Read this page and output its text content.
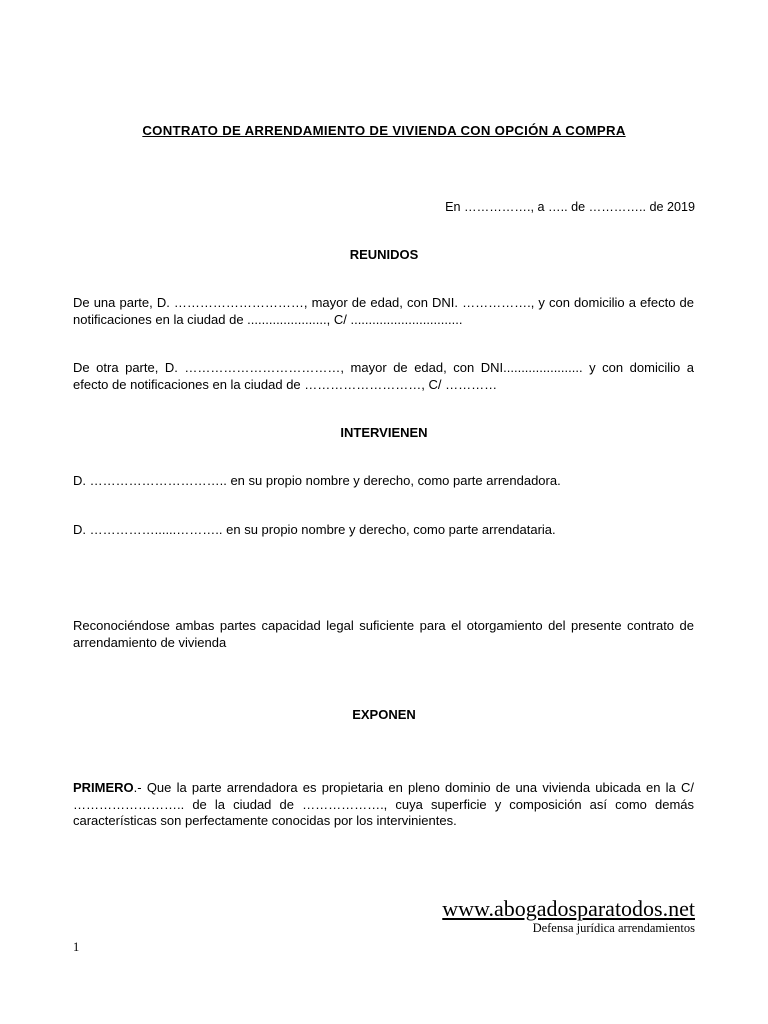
CONTRATO DE ARRENDAMIENTO DE VIVIENDA CON OPCIÓN A COMPRA
En ……………., a ….. de ………….. de 2019
REUNIDOS
De una parte, D. …………………………, mayor de edad, con DNI. ……………., y con domicilio a efecto de notificaciones en la ciudad de ......................, C/ ...............................
De otra parte, D. ………………………………, mayor de edad, con DNI...................... y con domicilio a efecto de notificaciones en la ciudad de ………………………, C/ …………
INTERVIENEN
D. ………………………….. en su propio nombre y derecho, como parte arrendadora.
D. ……………......……….. en su propio nombre y derecho, como parte arrendataria.
Reconociéndose ambas partes capacidad legal suficiente para el otorgamiento del presente contrato de arrendamiento de vivienda
EXPONEN
PRIMERO.- Que la parte arrendadora es propietaria en pleno dominio de una vivienda ubicada en la C/ …………………….. de la ciudad de ………………., cuya superficie y composición así como demás características son perfectamente conocidas por los intervinientes.
www.abogadosparatodos.net
Defensa jurídica arrendamientos
1
